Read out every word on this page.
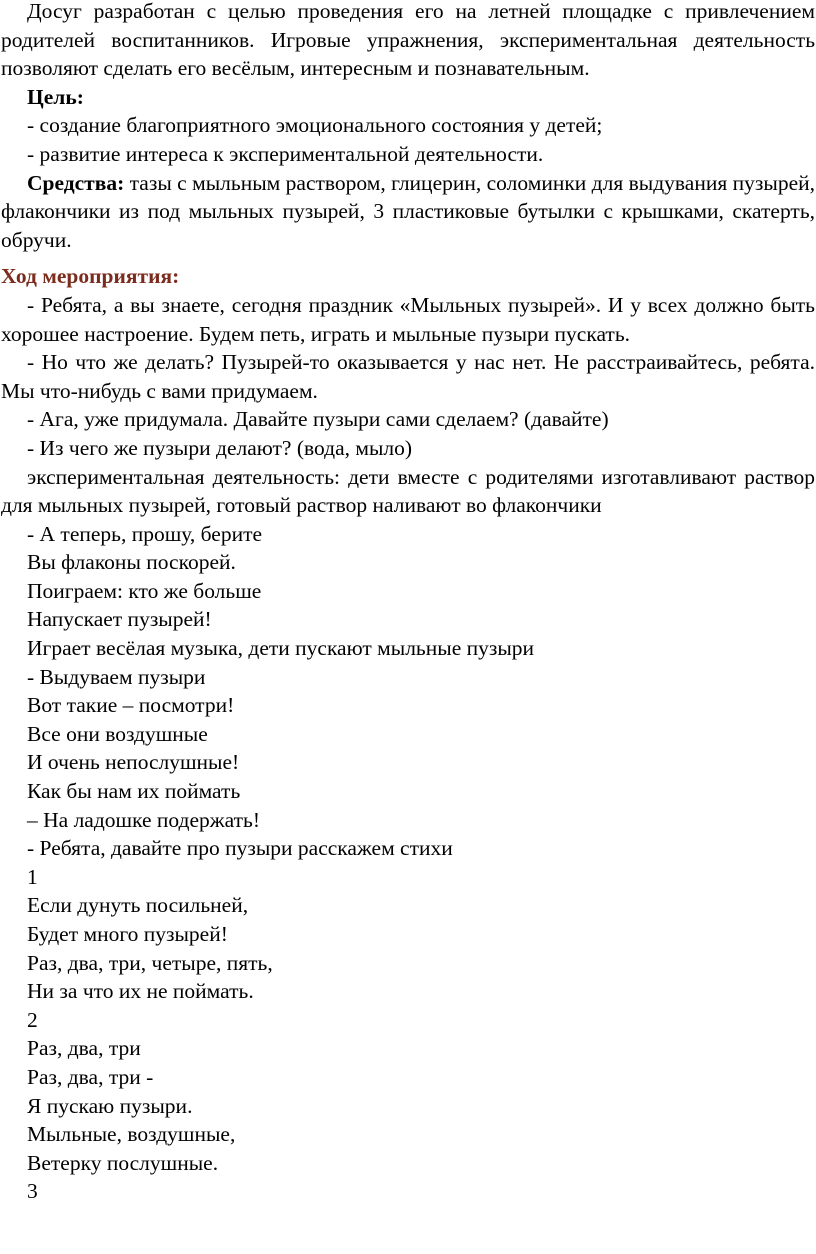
Досуг разработан с целью проведения его на летней площадке с привлечением родителей воспитанников. Игровые упражнения, экспериментальная деятельность позволяют сделать его весёлым, интересным и познавательным.

Цель:

- создание благоприятного эмоционального состояния у детей;

- развитие интереса к экспериментальной деятельности.

Средства: тазы с мыльным раствором, глицерин, соломинки для выдувания пузырей, флакончики из под мыльных пузырей, 3 пластиковые бутылки с крышками, скатерть, обручи.

Ход мероприятия:

- Ребята, а вы знаете, сегодня праздник «Мыльных пузырей». И у всех должно быть хорошее настроение. Будем петь, играть и мыльные пузыри пускать.

- Но что же делать? Пузырей-то оказывается у нас нет. Не расстраивайтесь, ребята. Мы что-нибудь с вами придумаем.

- Ага, уже придумала. Давайте пузыри сами сделаем? (давайте)

- Из чего же пузыри делают? (вода, мыло)

экспериментальная деятельность: дети вместе с родителями изготавливают раствор для мыльных пузырей, готовый раствор наливают во флакончики

- А теперь, прошу, берите

Вы флаконы поскорей.

Поиграем: кто же больше

Напускает пузырей!

Играет весёлая музыка, дети пускают мыльные пузыри

- Выдуваем пузыри

Вот такие – посмотри!

Все они воздушные

И очень непослушные!

Как бы нам их поймать

– На ладошке подержать!

- Ребята, давайте про пузыри расскажем стихи

1

Если дунуть посильней,

Будет много пузырей!

Раз, два, три, четыре, пять,

Ни за что их не поймать.

2

Раз, два, три

Раз, два, три -

Я пускаю пузыри.

Мыльные, воздушные,

Ветерку послушные.

3
